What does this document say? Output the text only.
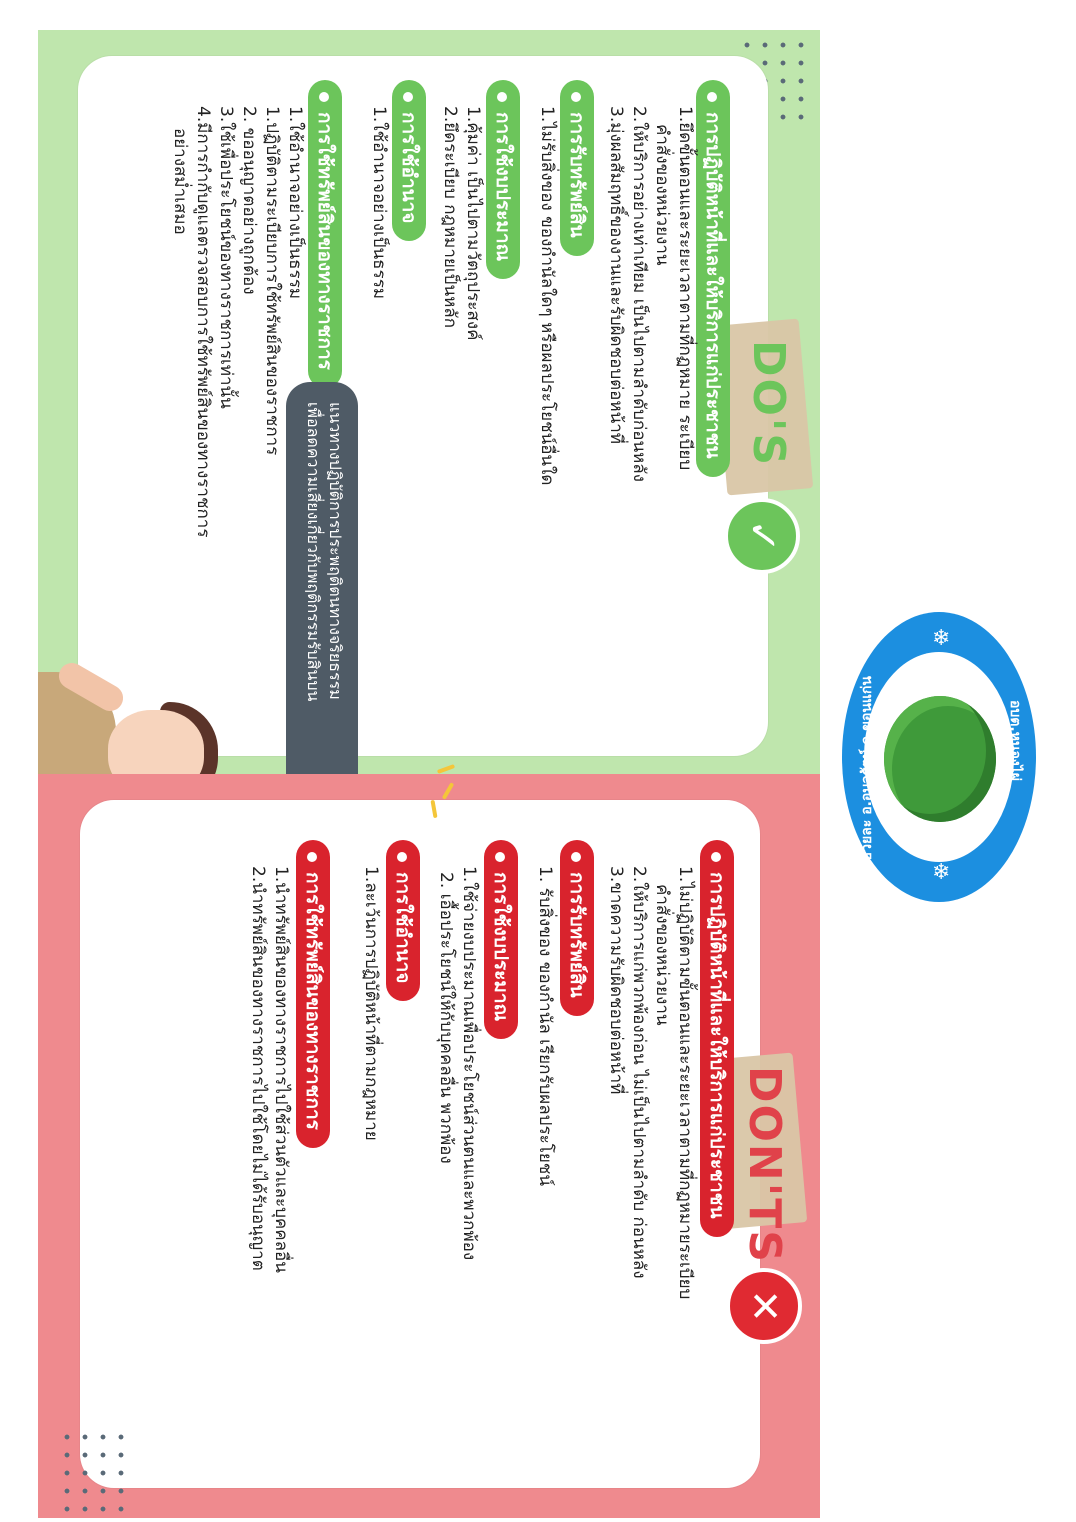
DO'S
✓
การปฏิบัติหน้าที่และให้บริการแก่ประชาชน
1.ยึดขั้นตอนและระยะเวลาตามที่กฏหมาย ระเบียบ
คำสั่งของหน่วยงาน
2.ให้บริการอย่างเท่าเทียม เป็นไปตามลำดับก่อนหลัง
3.มุ่งผลสัมฤทธิ์ของงานและรับผิดชอบต่อหน้าที่
การรับทรัพย์สิน
1.ไม่รับสิ่งของ ของกำนัลใดๆ หรือผลประโยชน์อื่นใด
การใช้งบประมาณ
1.คุ้มค่า เป็นไปตามวัตถุประสงค์
2.ยึดระเบียบ กฎหมายเป็นหลัก
การใช้อำนาจ
1.ใช้อำนาจอย่างเป็นธรรม
การใช้ทรัพย์สินของทางราชการ
1.ใช้อำนาจอย่างเป็นธรรม
1.ปฏิบัติตามระเบียบการใช้ทรัพย์สินของราชการ
2. ขออนุญาตอย่างถูกต้อง
3.ใช้เพื่อประโยชน์ของทางราชการเท่านั้น
4.มีการกำกับดูแลตรวจสอบการใช้ทรัพย์สินของทางราชการ
อย่างสม่ำเสมอ
แนวทางปฏิบัติการประพฤติตนทางจริยธรรม
เพื่อลดความเสี่ยงเกี่ยวกับพฤติกรรมรับสินบน
DON'TS
✕
การปฏิบัติหน้าที่และให้บริการแก่ประชาชน
1.ไม่ปฏิบัติตามขั้นตอนและระยะเวลาตามที่กฏหมายระเบียบ
คำสั่งของหน่วยงาน
2.ให้บริการแก่พวกพ้องก่อน ไม่เป็นไปตามลำดับ ก่อนหลัง
3.ขาดความรับผิดชอบต่อหน้าที่
การรับทรัพย์สิน
1. รับสิ่งของ ของกำนัล เรียกรับผลประโยชน์
การใช้งบประมาณ
1.ใช้จ่ายงบประมาณเพื่อประโยชน์ส่วนตนและพวกพ้อง
2. เอื้อประโยชน์ให้กับบุคคลอื่น พวกพ้อง
การใช้อำนาจ
1.ละเว้นการปฏิบัติหน้าที่ตามกฎหมาย
การใช้ทรัพย์สินของทางราชการ
1.นำทรัพย์สินของทางราชการไปใช้ส่วนตัวและบุคคลอื่น
2.นำทรัพย์สินของทางราชการไปใช้โดยไม่ได้รับอนุญาต
❄
❄
อบต.หนองไผ่
ปี.ธวยละ อ.อุบลรัตน์ จ.ขอนแก่น
